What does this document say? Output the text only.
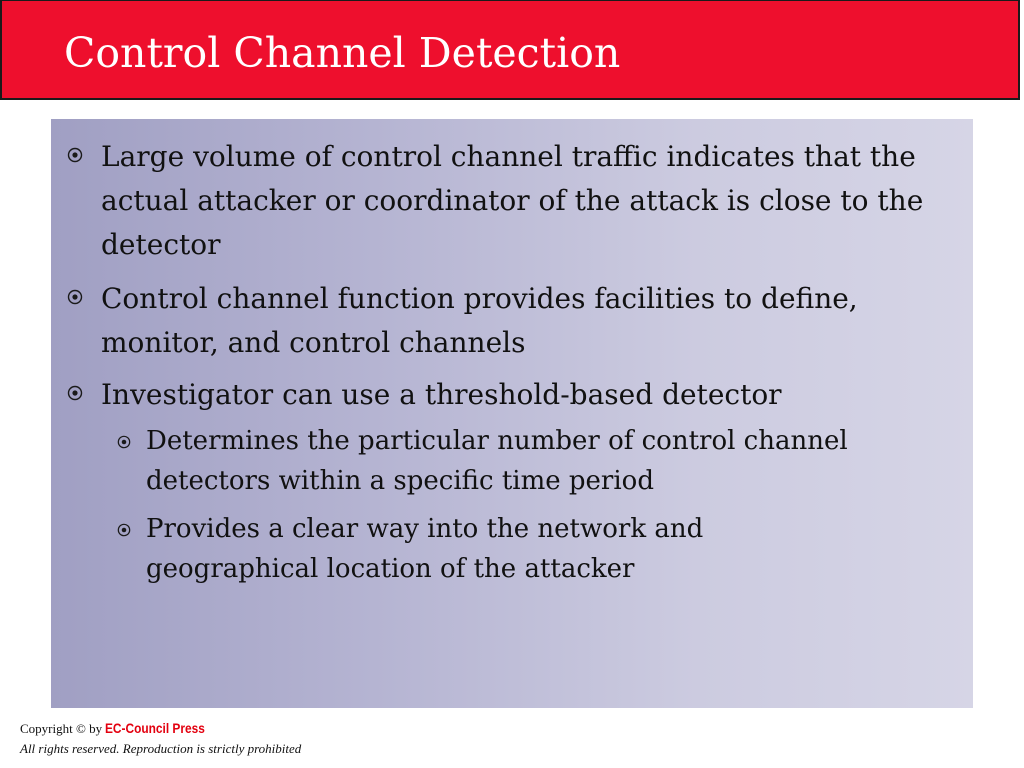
Control Channel Detection
Large volume of control channel traffic indicates that the actual attacker or coordinator of the attack is close to the detector
Control channel function provides facilities to define, monitor, and control channels
Investigator can use a threshold-based detector
Determines the particular number of control channel detectors within a specific time period
Provides a clear way into the network and geographical location of the attacker
Copyright © by EC-Council Press
All rights reserved. Reproduction is strictly prohibited
